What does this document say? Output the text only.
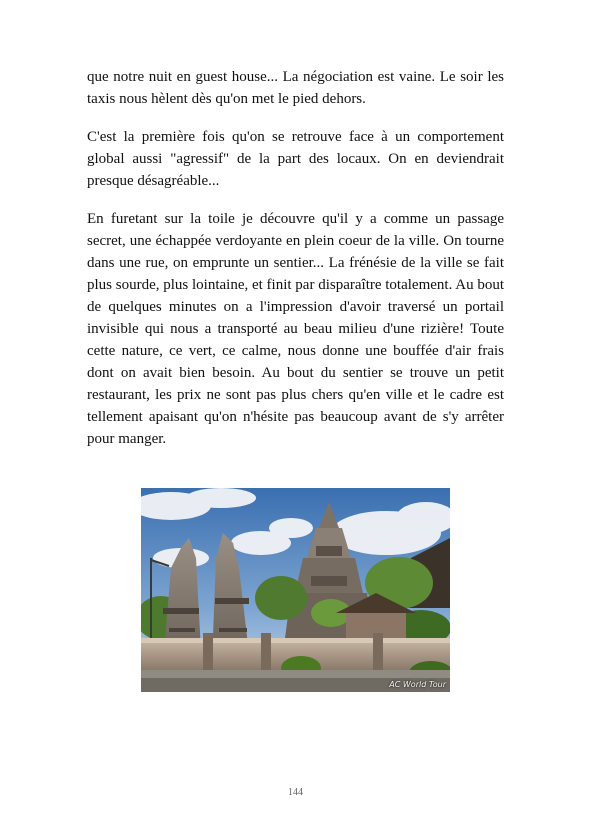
que notre nuit en guest house... La négociation est vaine. Le soir les taxis nous hèlent dès qu'on met le pied dehors.

C'est la première fois qu'on se retrouve face à un comportement global aussi "agressif" de la part des locaux. On en deviendrait presque désagréable...

En furetant sur la toile je découvre qu'il y a comme un passage secret, une échappée verdoyante en plein coeur de la ville. On tourne dans une rue, on emprunte un sentier... La frénésie de la ville se fait plus sourde, plus lointaine, et finit par disparaître totalement. Au bout de quelques minutes on a l'impression d'avoir traversé un portail invisible qui nous a transporté au beau milieu d'une rizière! Toute cette nature, ce vert, ce calme, nous donne une bouffée d'air frais dont on avait bien besoin. Au bout du sentier se trouve un petit restaurant, les prix ne sont pas plus chers qu'en ville et le cadre est tellement apaisant qu'on n'hésite pas beaucoup avant de s'y arrêter pour manger.

AC World Tour
144
